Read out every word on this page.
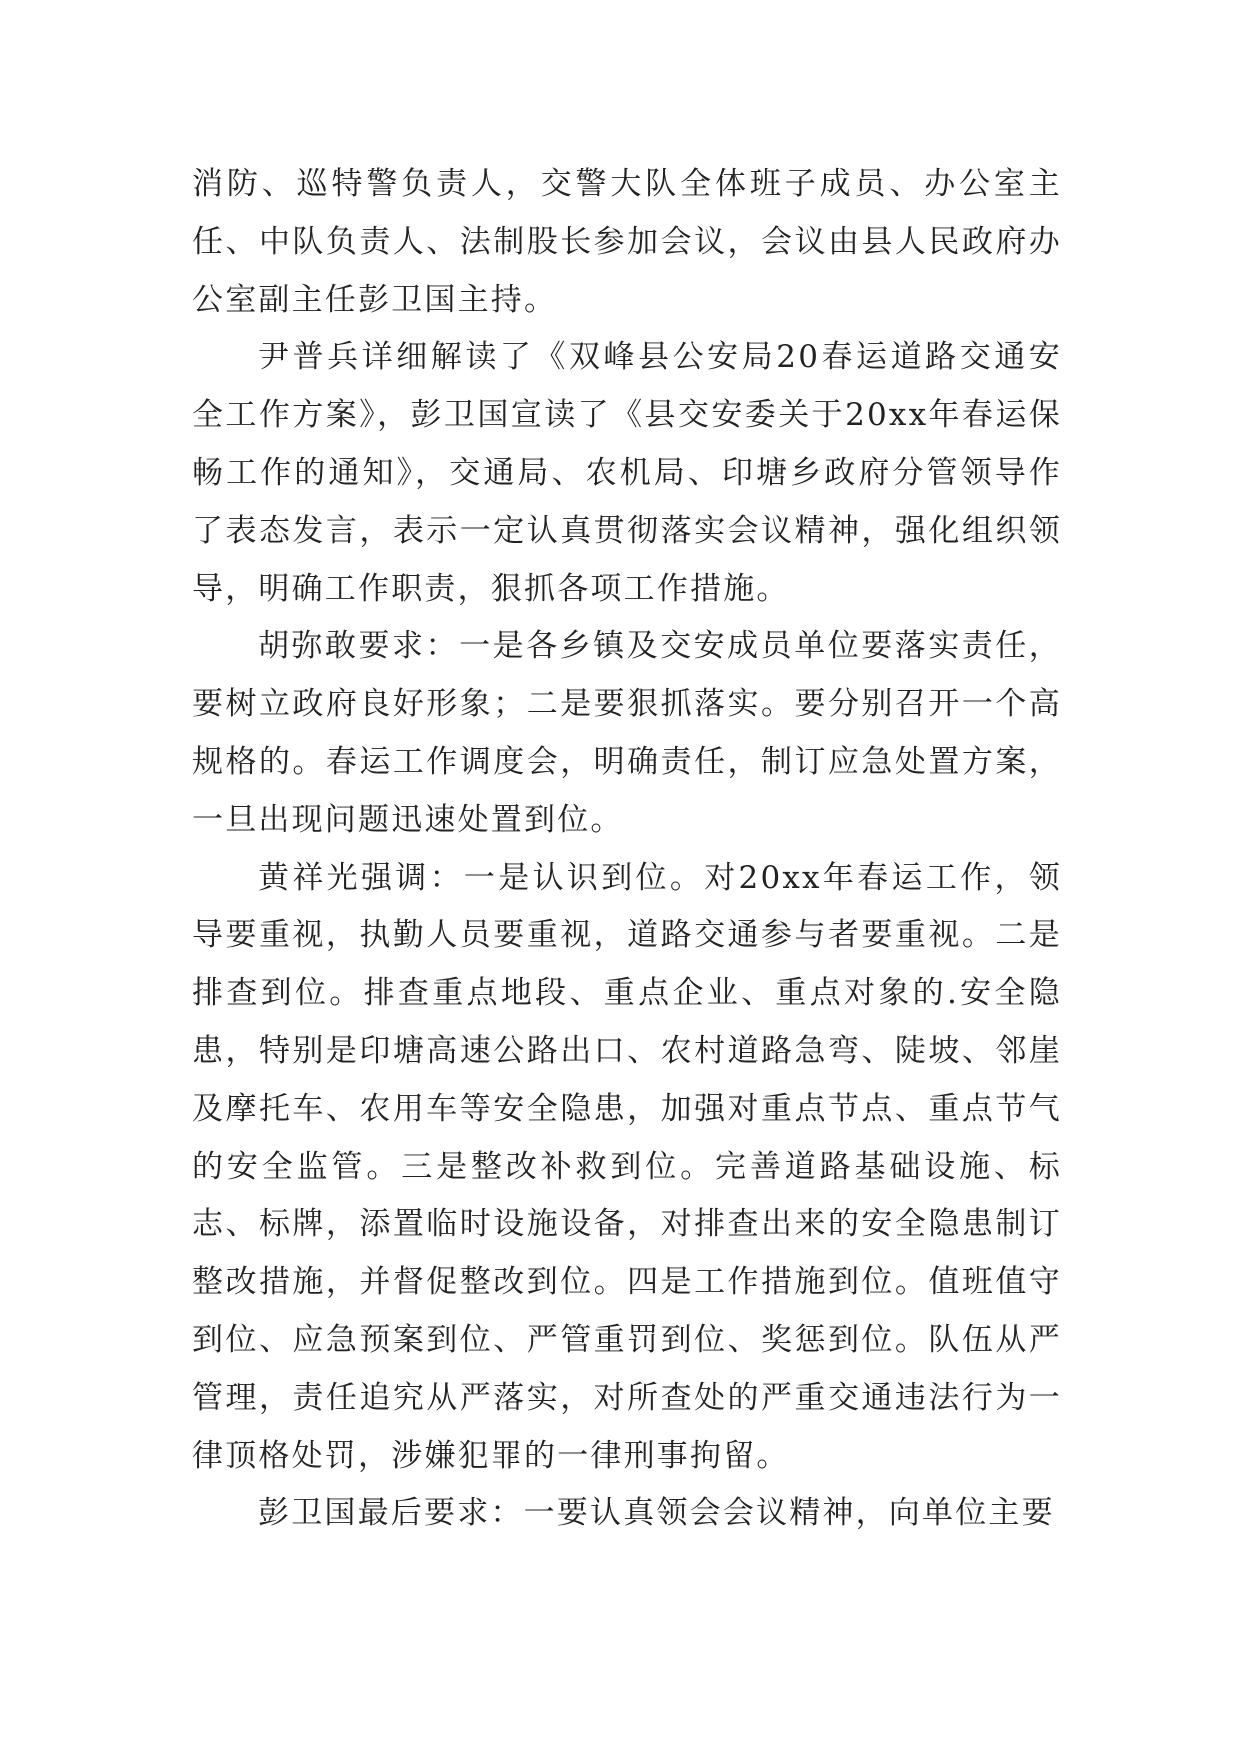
消防、巡特警负责人，交警大队全体班子成员、办公室主任、中队负责人、法制股长参加会议，会议由县人民政府办公室副主任彭卫国主持。

尹普兵详细解读了《双峰县公安局20春运道路交通安全工作方案》，彭卫国宣读了《县交安委关于20xx年春运保畅工作的通知》，交通局、农机局、印塘乡政府分管领导作了表态发言，表示一定认真贯彻落实会议精神，强化组织领导，明确工作职责，狠抓各项工作措施。

胡弥敢要求：一是各乡镇及交安成员单位要落实责任，要树立政府良好形象；二是要狠抓落实。要分别召开一个高规格的。春运工作调度会，明确责任，制订应急处置方案，一旦出现问题迅速处置到位。

黄祥光强调：一是认识到位。对20xx年春运工作，领导要重视，执勤人员要重视，道路交通参与者要重视。二是排查到位。排查重点地段、重点企业、重点对象的.安全隐患，特别是印塘高速公路出口、农村道路急弯、陡坡、邻崖及摩托车、农用车等安全隐患，加强对重点节点、重点节气的安全监管。三是整改补救到位。完善道路基础设施、标志、标牌，添置临时设施设备，对排查出来的安全隐患制订整改措施，并督促整改到位。四是工作措施到位。值班值守到位、应急预案到位、严管重罚到位、奖惩到位。队伍从严管理，责任追究从严落实，对所查处的严重交通违法行为一律顶格处罚，涉嫌犯罪的一律刑事拘留。

彭卫国最后要求：一要认真领会会议精神，向单位主要
